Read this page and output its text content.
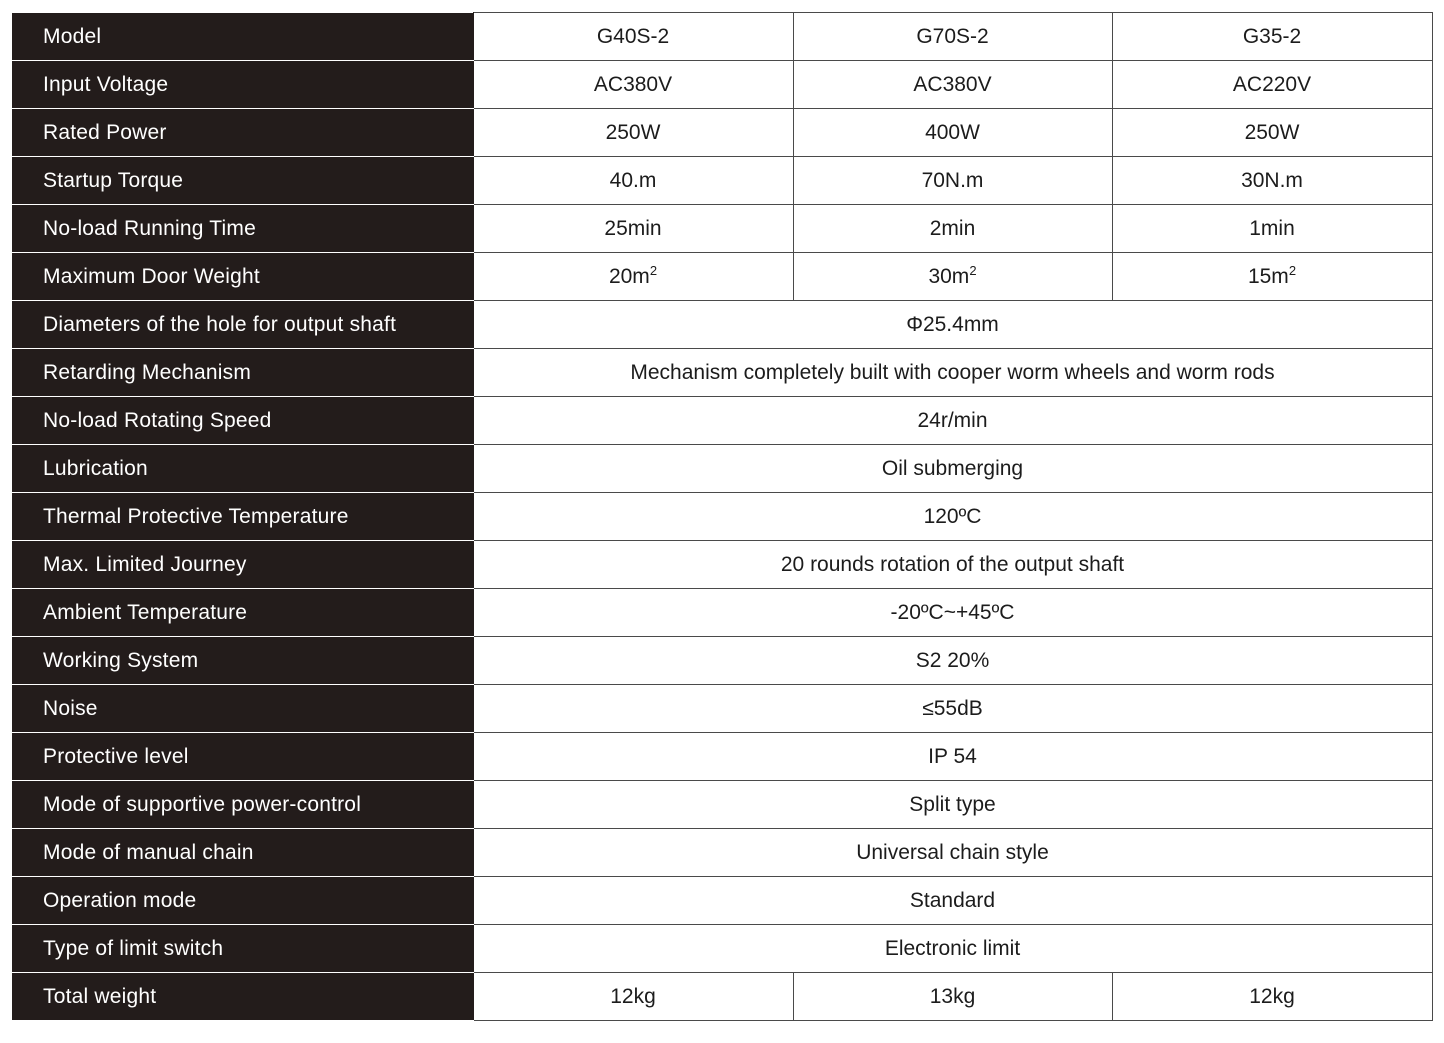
Model	G40S-2	G70S-2	G35-2
Input Voltage	AC380V	AC380V	AC220V
Rated Power	250W	400W	250W
Startup Torque	40.m	70N.m	30N.m
No-load Running Time	25min	2min	1min
Maximum Door Weight	$20m^2$	$30m^2$	$15m^2$
Diameters of the hole for output shaft	Φ25.4mm		
Retarding Mechanism	Mechanism completely built with cooper worm wheels and worm rods		
No-load Rotating Speed	24r/min		
Lubrication	Oil submerging		
Thermal Protective Temperature	120ºC		
Max. Limited Journey	20 rounds rotation of the output shaft		
Ambient Temperature	-20ºC~+45ºC		
Working System	S2 20%		
Noise	≤55dB		
Protective level	IP 54		
Mode of supportive power-control	Split type		
Mode of manual chain	Universal chain style		
Operation mode	Standard		
Type of limit switch	Electronic limit		
Total weight	12kg	13kg	12kg
